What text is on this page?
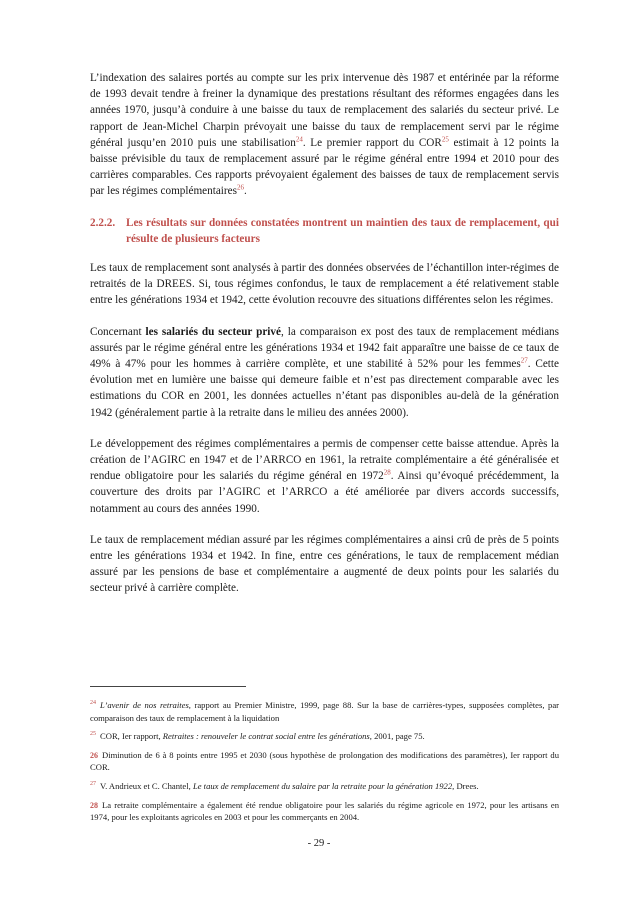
L’indexation des salaires portés au compte sur les prix intervenue dès 1987 et entérinée par la réforme de 1993 devait tendre à freiner la dynamique des prestations résultant des réformes engagées dans les années 1970, jusqu’à conduire à une baisse du taux de remplacement des salariés du secteur privé. Le rapport de Jean-Michel Charpin prévoyait une baisse du taux de remplacement servi par le régime général jusqu’en 2010 puis une stabilisation$^{24}$. Le premier rapport du COR$^{25}$ estimait à 12 points la baisse prévisible du taux de remplacement assuré par le régime général entre 1994 et 2010 pour des carrières comparables. Ces rapports prévoyaient également des baisses de taux de remplacement servis par les régimes complémentaires$^{26}$.

2.2.2. Les résultats sur données constatées montrent un maintien des taux de remplacement, qui résulte de plusieurs facteurs

Les taux de remplacement sont analysés à partir des données observées de l’échantillon inter-régimes de retraités de la DREES. Si, tous régimes confondus, le taux de remplacement a été relativement stable entre les générations 1934 et 1942, cette évolution recouvre des situations différentes selon les régimes.

Concernant les salariés du secteur privé, la comparaison ex post des taux de remplacement médians assurés par le régime général entre les générations 1934 et 1942 fait apparaître une baisse de ce taux de 49% à 47% pour les hommes à carrière complète, et une stabilité à 52% pour les femmes$^{27}$. Cette évolution met en lumière une baisse qui demeure faible et n’est pas directement comparable avec les estimations du COR en 2001, les données actuelles n’étant pas disponibles au-delà de la génération 1942 (généralement partie à la retraite dans le milieu des années 2000).

Le développement des régimes complémentaires a permis de compenser cette baisse attendue. Après la création de l’AGIRC en 1947 et de l’ARRCO en 1961, la retraite complémentaire a été généralisée et rendue obligatoire pour les salariés du régime général en 1972$^{28}$. Ainsi qu’évoqué précédemment, la couverture des droits par l’AGIRC et l’ARRCO a été améliorée par divers accords successifs, notamment au cours des années 1990.

Le taux de remplacement médian assuré par les régimes complémentaires a ainsi crû de près de 5 points entre les générations 1934 et 1942. In fine, entre ces générations, le taux de remplacement médian assuré par les pensions de base et complémentaire a augmenté de deux points pour les salariés du secteur privé à carrière complète.

$^{24}$ L’avenir de nos retraites, rapport au Premier Ministre, 1999, page 88. Sur la base de carrières-types, supposées complètes, par comparaison des taux de remplacement à la liquidation

$^{25}$ COR, Ier rapport, Retraites : renouveler le contrat social entre les générations, 2001, page 75.

26 Diminution de 6 à 8 points entre 1995 et 2030 (sous hypothèse de prolongation des modifications des paramètres), Ier rapport du COR.

$^{27}$ V. Andrieux et C. Chantel, Le taux de remplacement du salaire par la retraite pour la génération 1922, Drees.

28 La retraite complémentaire a également été rendue obligatoire pour les salariés du régime agricole en 1972, pour les artisans en 1974, pour les exploitants agricoles en 2003 et pour les commerçants en 2004.

- 29 -
